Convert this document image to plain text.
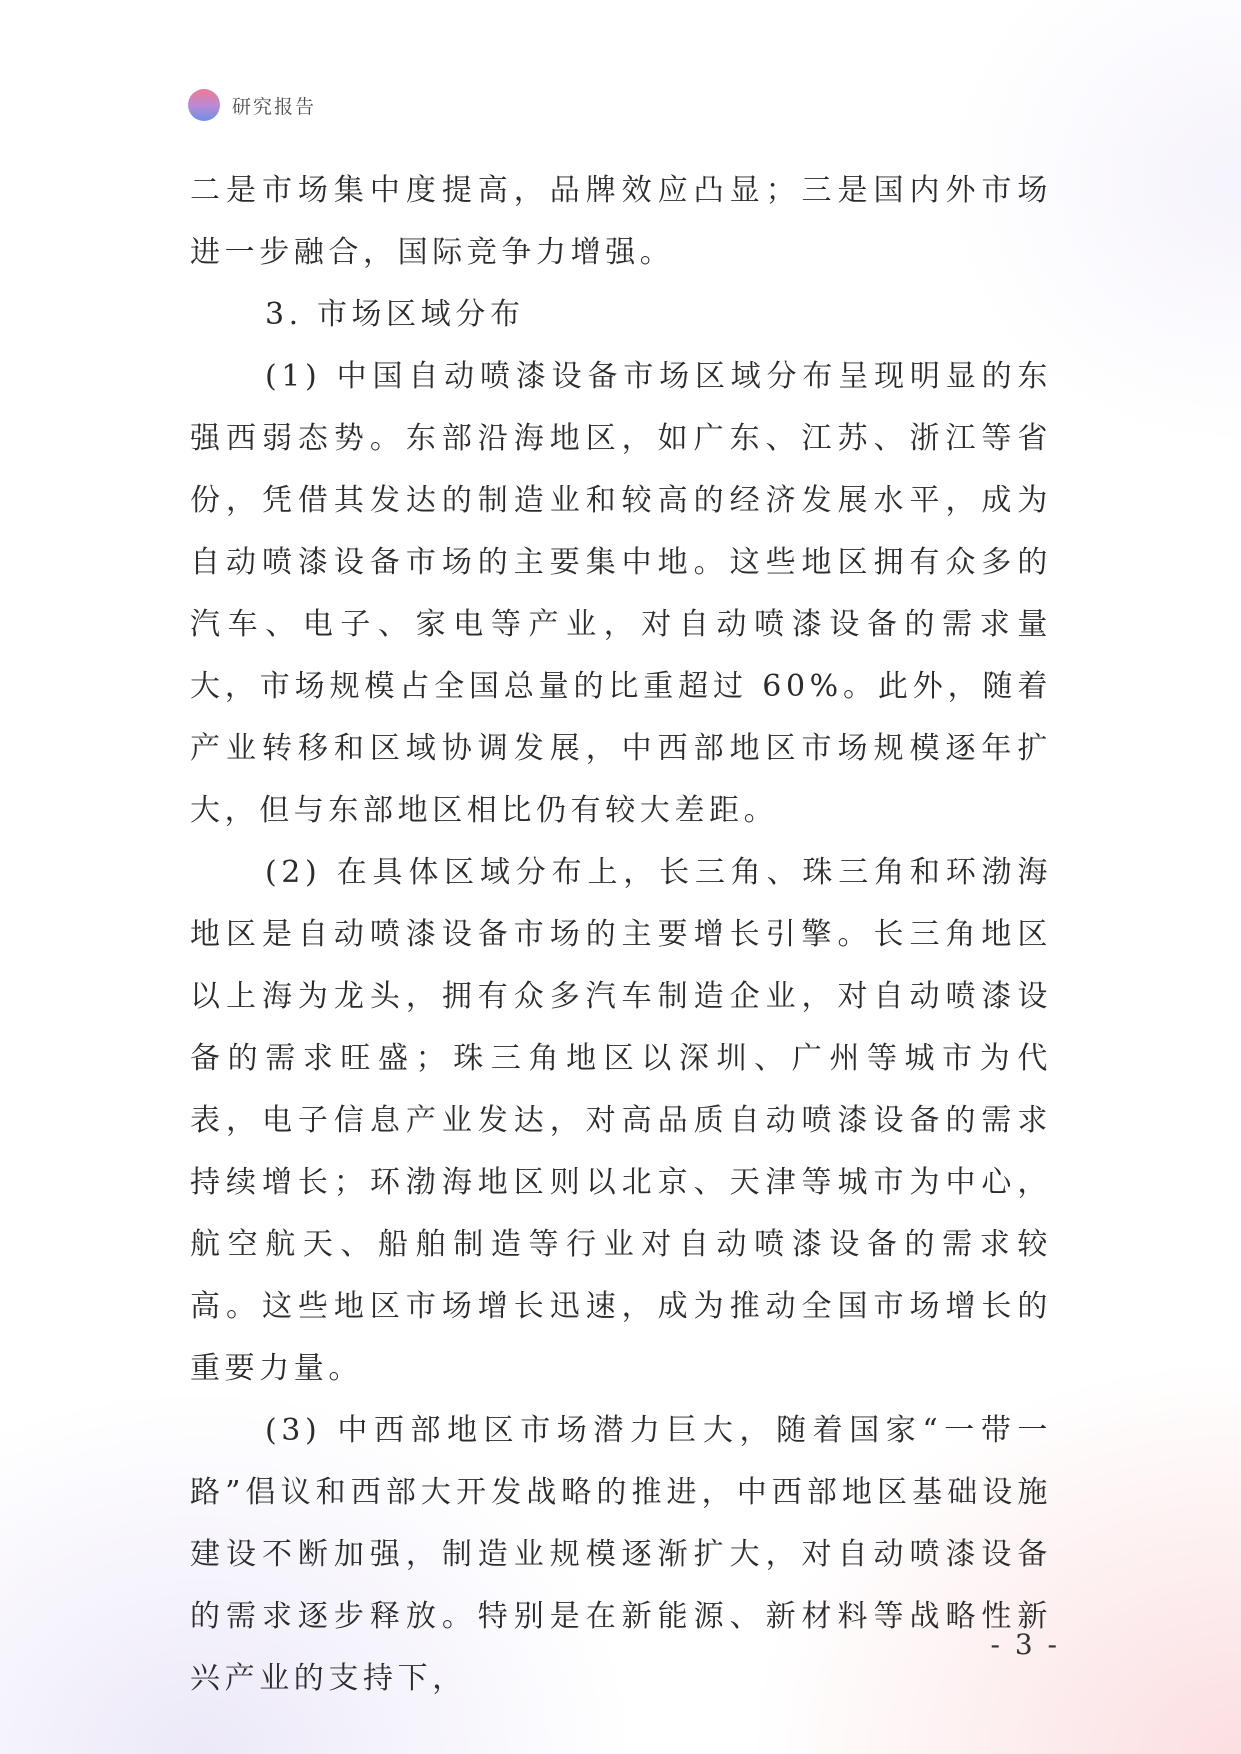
研究报告

二是市场集中度提高，品牌效应凸显；三是国内外市场进一步融合，国际竞争力增强。

3. 市场区域分布

(1) 中国自动喷漆设备市场区域分布呈现明显的东强西弱态势。东部沿海地区，如广东、江苏、浙江等省份，凭借其发达的制造业和较高的经济发展水平，成为自动喷漆设备市场的主要集中地。这些地区拥有众多的汽车、电子、家电等产业，对自动喷漆设备的需求量大，市场规模占全国总量的比重超过 60%。此外，随着产业转移和区域协调发展，中西部地区市场规模逐年扩大，但与东部地区相比仍有较大差距。

(2) 在具体区域分布上，长三角、珠三角和环渤海地区是自动喷漆设备市场的主要增长引擎。长三角地区以上海为龙头，拥有众多汽车制造企业，对自动喷漆设备的需求旺盛；珠三角地区以深圳、广州等城市为代表，电子信息产业发达，对高品质自动喷漆设备的需求持续增长；环渤海地区则以北京、天津等城市为中心，航空航天、船舶制造等行业对自动喷漆设备的需求较高。这些地区市场增长迅速，成为推动全国市场增长的重要力量。

(3) 中西部地区市场潜力巨大，随着国家“一带一路”倡议和西部大开发战略的推进，中西部地区基础设施建设不断加强，制造业规模逐渐扩大，对自动喷漆设备的需求逐步释放。特别是在新能源、新材料等战略性新兴产业的支持下，

- 3 -
